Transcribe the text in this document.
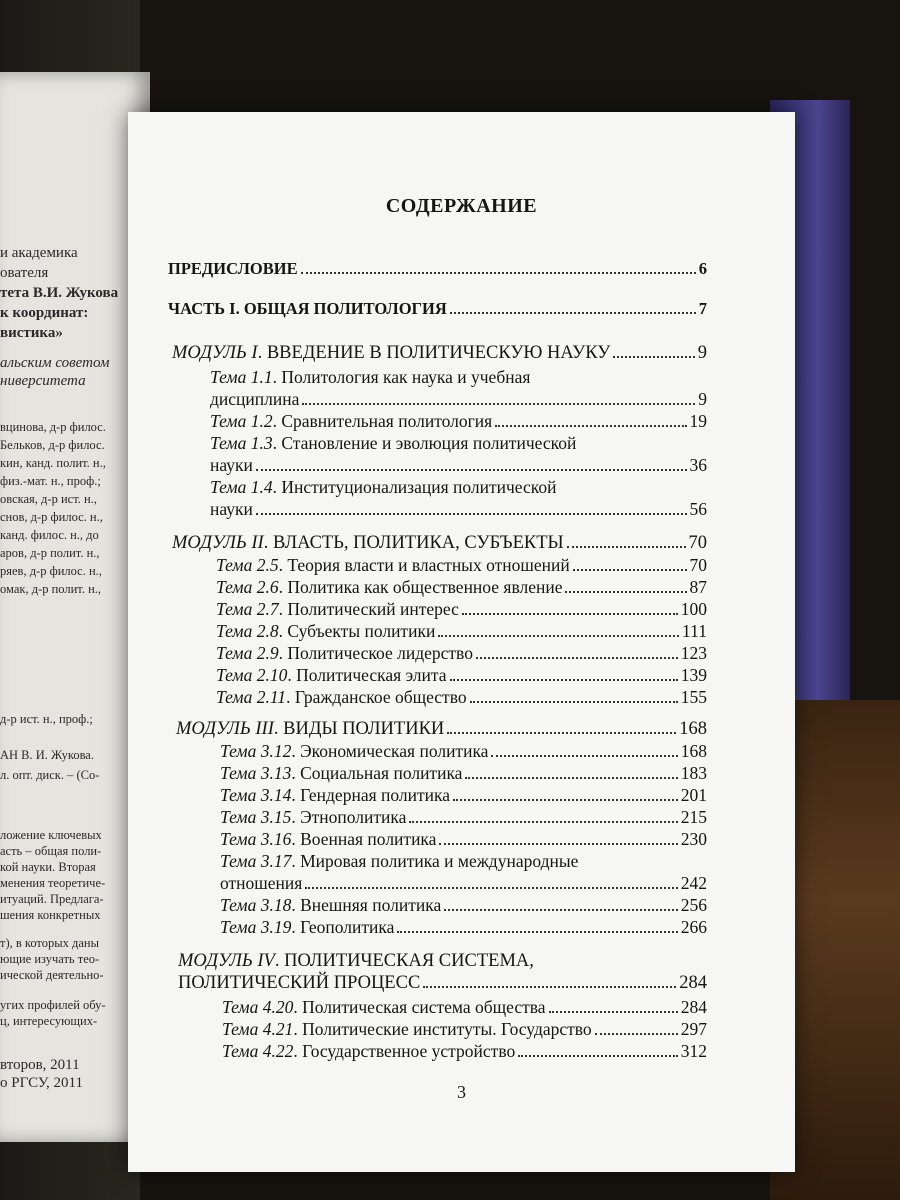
и академика
ователя
тета В.И. Жукова
к координат:
вистика»
альским советом
ниверситета
вцинова, д-р филос.
Бельков, д-р филос.
кин, канд. полит. н.,
физ.-мат. н., проф.;
овская, д-р ист. н.,
снов, д-р филос. н.,
канд. филос. н., до
аров, д-р полит. н.,
ряев, д-р филос. н.,
омак, д-р полит. н.,
д-р ист. н., проф.;
АН В. И. Жукова.
л. опт. диск. – (Со-
ложение ключевых
асть – общая поли-
кой науки. Вторая
менения теоретиче-
итуаций. Предлага-
шения конкретных
т), в которых даны
ющие изучать тео-
ической деятельно-
угих профилей обу-
ц, интересующих-
второв, 2011
о РГСУ, 2011
СОДЕРЖАНИЕ
ПРЕДИСЛОВИЕ	6
ЧАСТЬ I. ОБЩАЯ ПОЛИТОЛОГИЯ	7
МОДУЛЬ I. ВВЕДЕНИЕ В ПОЛИТИЧЕСКУЮ НАУКУ	9
Тема 1.1. Политология как наука и учебная
дисциплина	9
Тема 1.2. Сравнительная политология	19
Тема 1.3. Становление и эволюция политической
науки	36
Тема 1.4. Институционализация политической
науки	56
МОДУЛЬ II. ВЛАСТЬ, ПОЛИТИКА, СУБЪЕКТЫ	70
Тема 2.5. Теория власти и властных отношений	70
Тема 2.6. Политика как общественное явление	87
Тема 2.7. Политический интерес	100
Тема 2.8. Субъекты политики	111
Тема 2.9. Политическое лидерство	123
Тема 2.10. Политическая элита	139
Тема 2.11. Гражданское общество	155
МОДУЛЬ III. ВИДЫ ПОЛИТИКИ	168
Тема 3.12. Экономическая политика	168
Тема 3.13. Социальная политика	183
Тема 3.14. Гендерная политика	201
Тема 3.15. Этнополитика	215
Тема 3.16. Военная политика	230
Тема 3.17. Мировая политика и международные
отношения	242
Тема 3.18. Внешняя политика	256
Тема 3.19. Геополитика	266
МОДУЛЬ IV. ПОЛИТИЧЕСКАЯ СИСТЕМА,
ПОЛИТИЧЕСКИЙ ПРОЦЕСС	284
Тема 4.20. Политическая система общества	284
Тема 4.21. Политические институты. Государство	297
Тема 4.22. Государственное устройство	312
3
